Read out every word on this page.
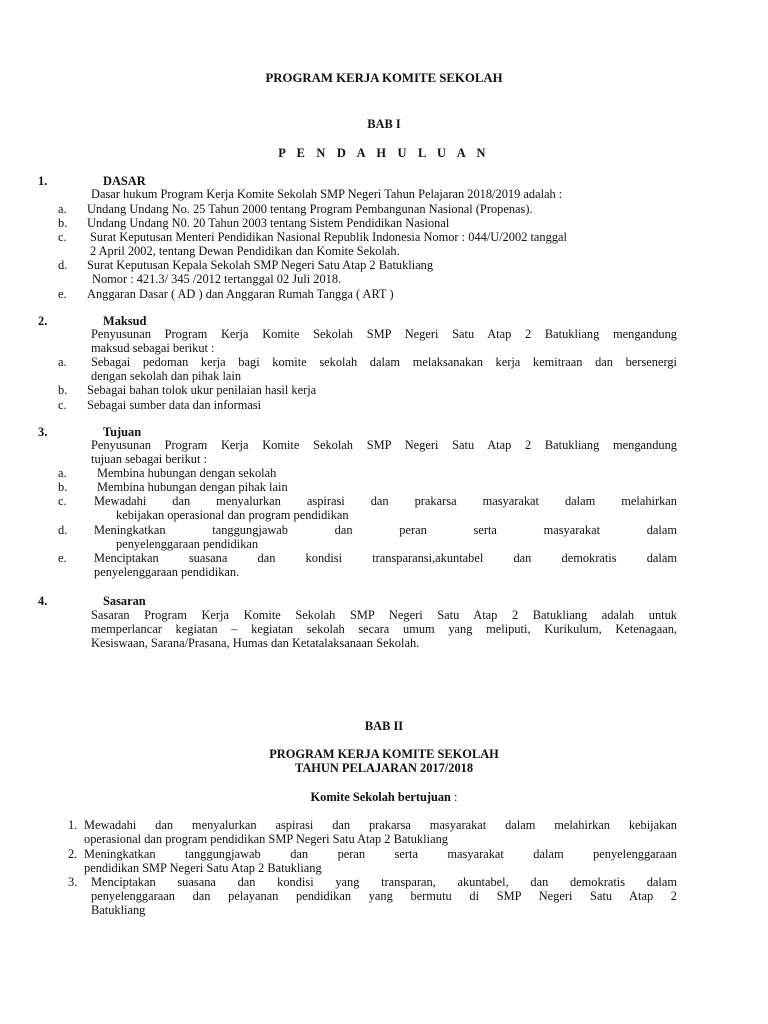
PROGRAM KERJA KOMITE SEKOLAH
BAB I
P E N D A H U L U A N
1.	DASAR
Dasar hukum Program Kerja Komite Sekolah SMP Negeri Tahun Pelajaran 2018/2019 adalah :
a. Undang Undang No. 25 Tahun 2000 tentang Program Pembangunan Nasional (Propenas).
b. Undang Undang N0. 20 Tahun 2003 tentang Sistem Pendidikan Nasional
c. Surat Keputusan Menteri Pendidikan Nasional Republik Indonesia Nomor : 044/U/2002 tanggal
2 April 2002, tentang Dewan Pendidikan dan Komite Sekolah.
d. Surat Keputusan Kepala Sekolah SMP Negeri Satu Atap 2 Batukliang
Nomor : 421.3/ 345 /2012 tertanggal 02 Juli 2018.
e. Anggaran Dasar ( AD ) dan Anggaran Rumah Tangga ( ART )
2.	Maksud
Penyusunan Program Kerja Komite Sekolah SMP Negeri Satu Atap 2 Batukliang mengandung
maksud sebagai berikut :
a. Sebagai pedoman kerja bagi komite sekolah dalam melaksanakan kerja kemitraan dan bersenergi
dengan sekolah dan pihak lain
b. Sebagai bahan tolok ukur penilaian hasil kerja
c. Sebagai sumber data dan informasi
3.	Tujuan
Penyusunan Program Kerja Komite Sekolah SMP Negeri Satu Atap 2 Batukliang mengandung
tujuan sebagai berikut :
a. Membina hubungan dengan sekolah
b. Membina hubungan dengan pihak lain
c. Mewadahi dan menyalurkan aspirasi dan prakarsa masyarakat dalam melahirkan
kebijakan operasional dan program pendidikan
d. Meningkatkan tanggungjawab dan peran serta masyarakat dalam
penyelenggaraan pendidikan
e. Menciptakan suasana dan kondisi transparansi,akuntabel dan demokratis dalam
penyelenggaraan pendidikan.
4.	Sasaran
Sasaran Program Kerja Komite Sekolah SMP Negeri Satu Atap 2 Batukliang adalah untuk
memperlancar kegiatan – kegiatan sekolah secara umum yang meliputi, Kurikulum, Ketenagaan,
Kesiswaan, Sarana/Prasana, Humas dan Ketatalaksanaan Sekolah.
BAB II
PROGRAM KERJA KOMITE SEKOLAH
TAHUN PELAJARAN 2017/2018
Komite Sekolah bertujuan :
1. Mewadahi dan menyalurkan aspirasi dan prakarsa masyarakat dalam melahirkan kebijakan
operasional dan program pendidikan SMP Negeri Satu Atap 2 Batukliang
2. Meningkatkan tanggungjawab dan peran serta masyarakat dalam penyelenggaraan
pendidikan SMP Negeri Satu Atap 2 Batukliang
3. Menciptakan suasana dan kondisi yang transparan, akuntabel, dan demokratis dalam
penyelenggaraan dan pelayanan pendidikan yang bermutu di SMP Negeri Satu Atap 2
Batukliang
